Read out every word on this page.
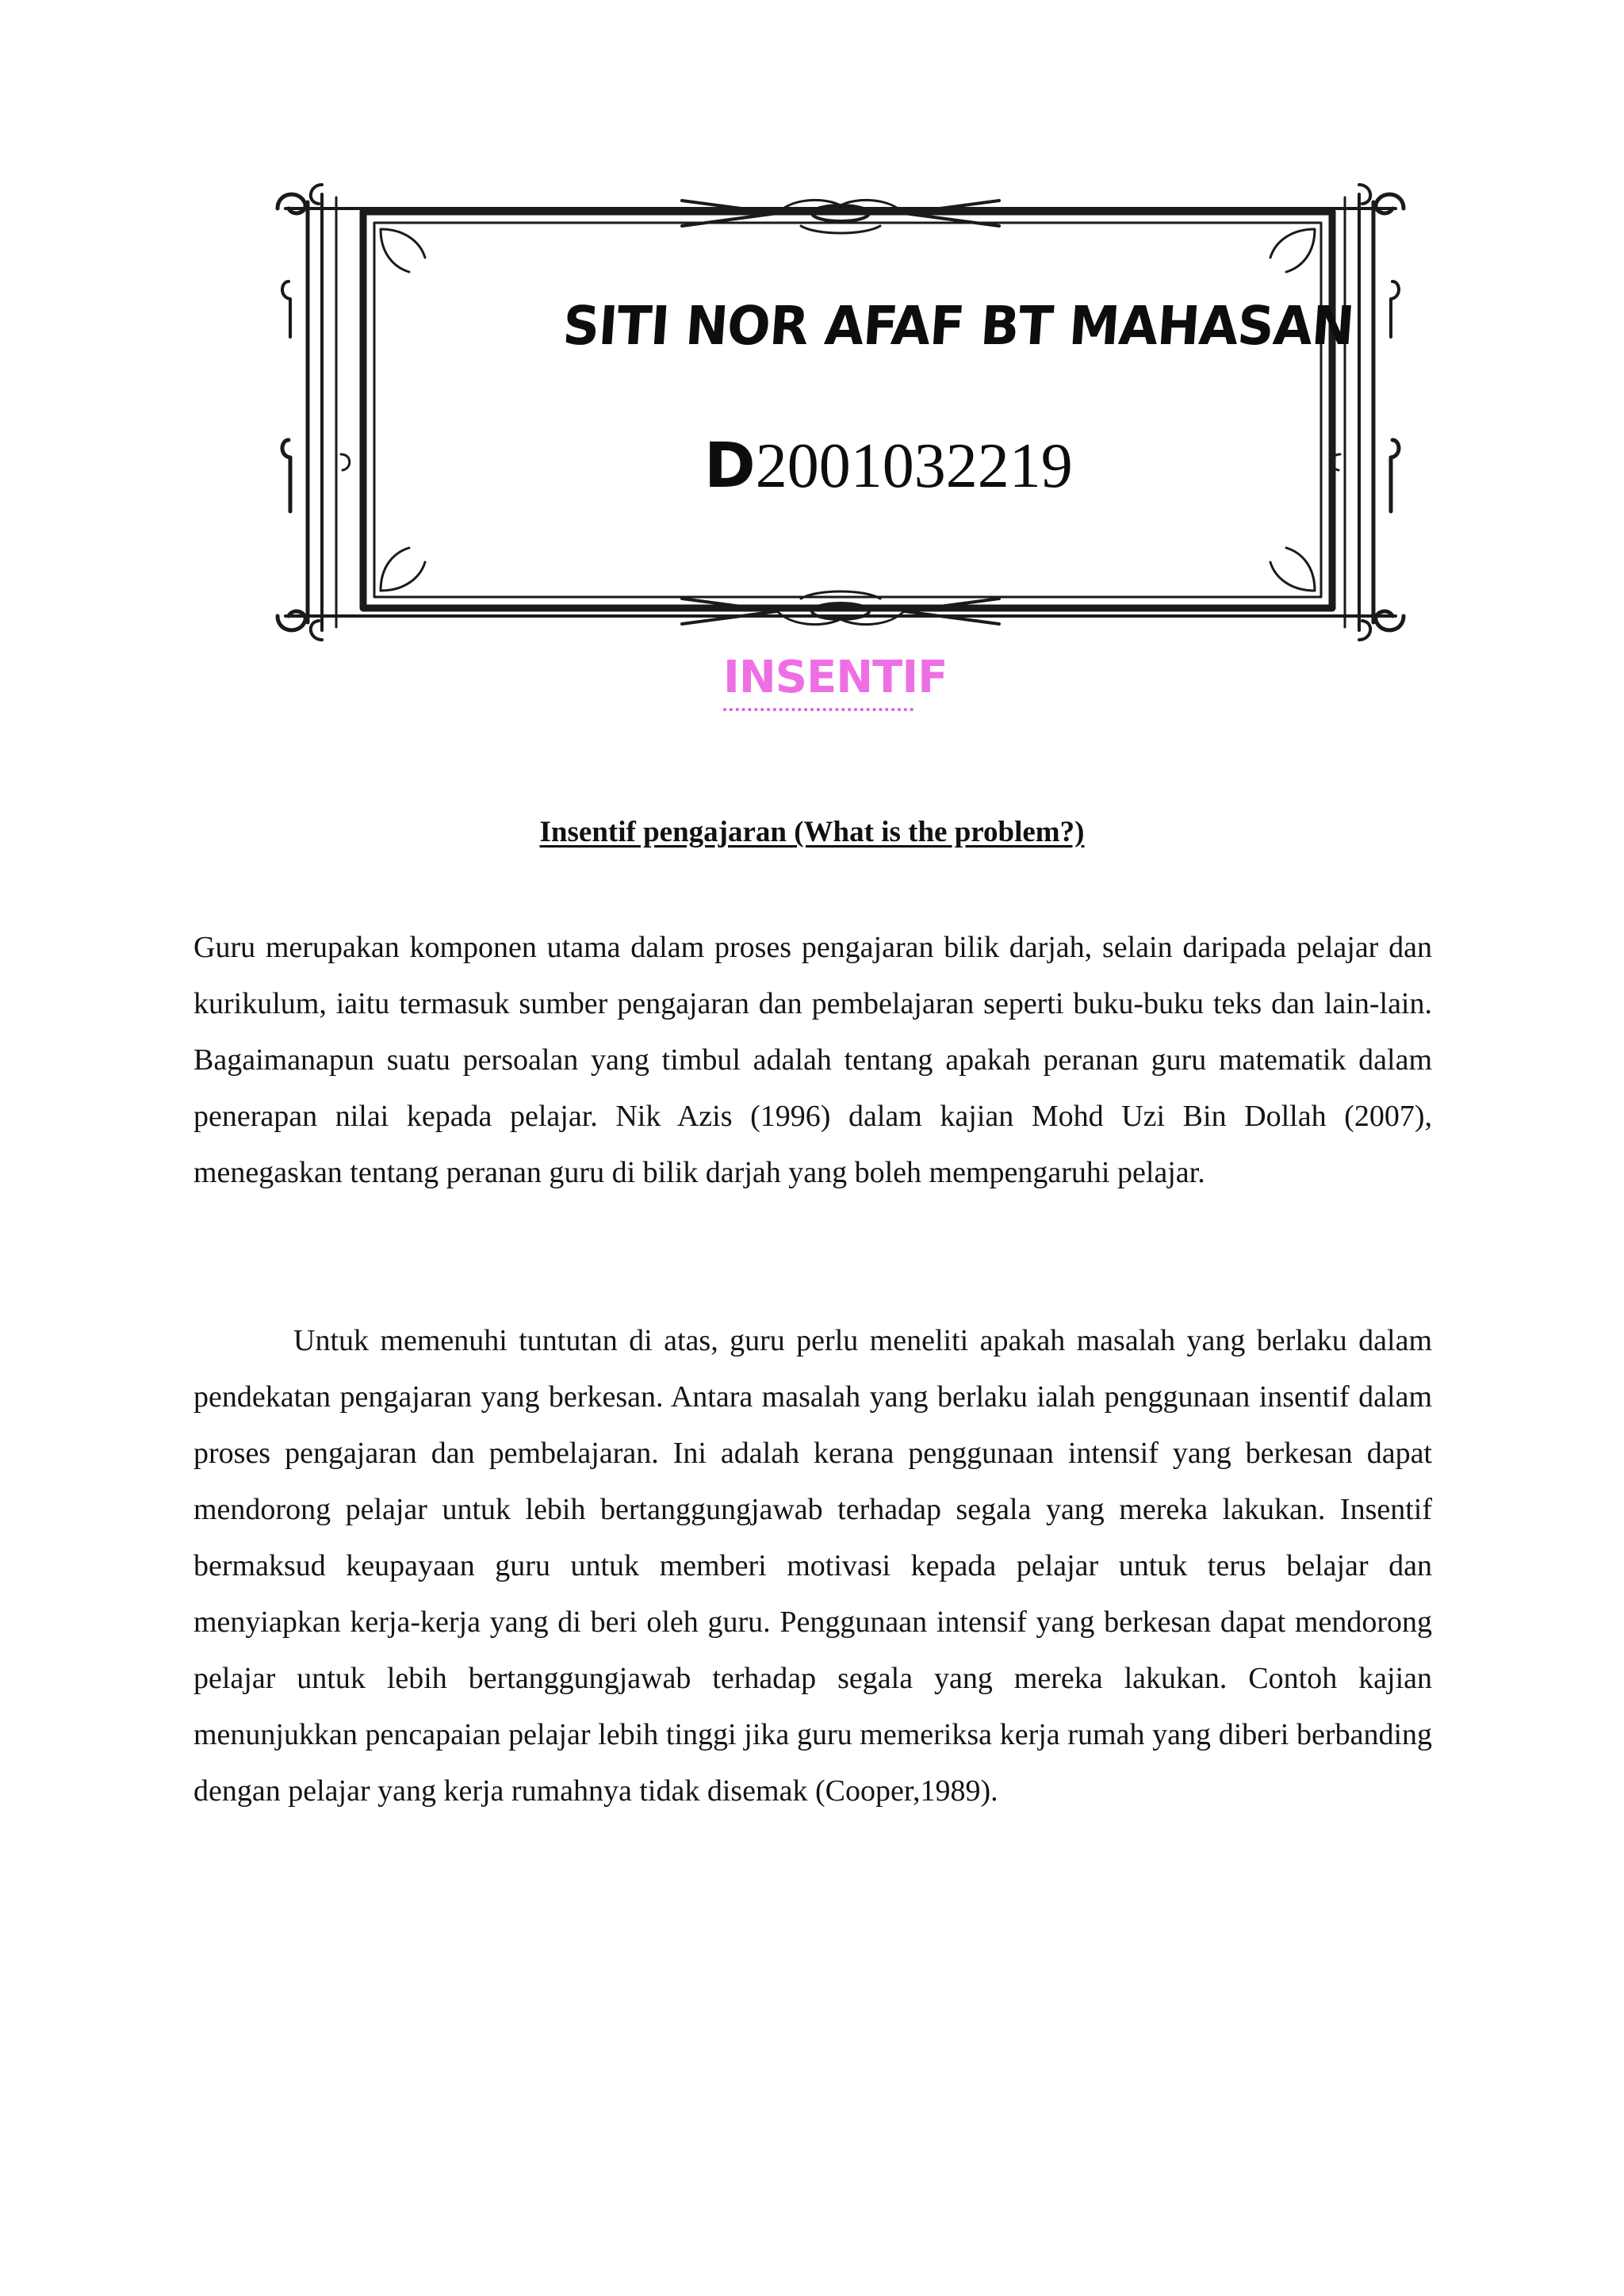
SITI NOR AFAF BT MAHASAN

D2001032219

INSENTIF
Insentif pengajaran (What is the problem?)

Guru merupakan komponen utama dalam proses pengajaran bilik darjah, selain daripada pelajar dan kurikulum, iaitu termasuk sumber pengajaran dan pembelajaran seperti buku-buku teks dan lain-lain. Bagaimanapun suatu persoalan yang timbul adalah tentang apakah peranan guru matematik dalam penerapan nilai kepada pelajar. Nik Azis (1996) dalam kajian Mohd Uzi Bin Dollah (2007), menegaskan tentang peranan guru di bilik darjah yang boleh mempengaruhi pelajar.

Untuk memenuhi tuntutan di atas, guru perlu meneliti apakah masalah yang berlaku dalam pendekatan pengajaran yang berkesan. Antara masalah yang berlaku ialah penggunaan insentif dalam proses pengajaran dan pembelajaran. Ini adalah kerana penggunaan intensif yang berkesan dapat mendorong pelajar untuk lebih bertanggungjawab terhadap segala yang mereka lakukan. Insentif bermaksud keupayaan guru untuk memberi motivasi kepada pelajar untuk terus belajar dan menyiapkan kerja-kerja yang di beri oleh guru. Penggunaan intensif yang berkesan dapat mendorong pelajar untuk lebih bertanggungjawab terhadap segala yang mereka lakukan. Contoh kajian menunjukkan pencapaian pelajar lebih tinggi jika guru memeriksa kerja rumah yang diberi berbanding dengan pelajar yang kerja rumahnya tidak disemak (Cooper,1989).
